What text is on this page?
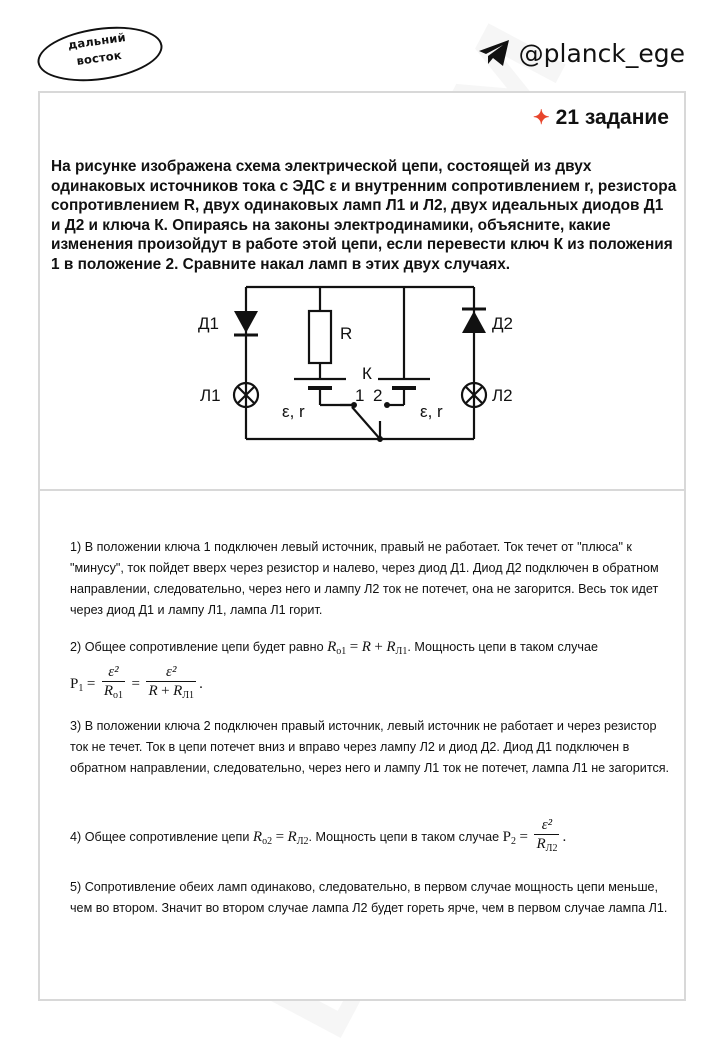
дальний
восток	@planck_ege
✦ 21 задание

На рисунке изображена схема электрической цепи, состоящей из двух одинаковых источников тока с ЭДС ε и внутренним сопротивлением r, резистора сопротивлением R, двух одинаковых ламп Л1 и Л2, двух идеальных диодов Д1 и Д2 и ключа К. Опираясь на законы электродинамики, объясните, какие изменения произойдут в работе этой цепи, если перевести ключ К из положения 1 в положение 2. Сравните накал ламп в этих двух случаях.

Д1	Д2
Л1	Л2
R
К
1 2
ε, r	ε, r

1) В положении ключа 1 подключен левый источник, правый не работает. Ток течет от "плюса" к "минусу", ток пойдет вверх через резистор и налево, через диод Д1. Диод Д2 подключен в обратном направлении, следовательно, через него и лампу Л2 ток не потечет, она не загорится. Весь ток идет через диод Д1 и лампу Л1, лампа Л1 горит.

2) Общее сопротивление цепи будет равно $R_{о1} = R + R_{Л1}$. Мощность цепи в таком случае
$P_1 = \frac{\text{ε²}}{R_{о1}} = \frac{\text{ε²}}{R + R_{Л1}}$ .

3) В положении ключа 2 подключен правый источник, левый источник не работает и через резистор ток не течет. Ток в цепи потечет вниз и вправо через лампу Л2 и диод Д2. Диод Д1 подключен в обратном направлении, следовательно, через него и лампу Л1 ток не потечет, лампа Л1 не загорится.

4) Общее сопротивление цепи $R_{о2} = R_{Л2}$. Мощность цепи в таком случае $P_2 = \frac{\text{ε²}}{R_{Л2}}$ .

5) Сопротивление обеих ламп одинаково, следовательно, в первом случае мощность цепи меньше, чем во втором. Значит во втором случае лампа Л2 будет гореть ярче, чем в первом случае лампа Л1.
